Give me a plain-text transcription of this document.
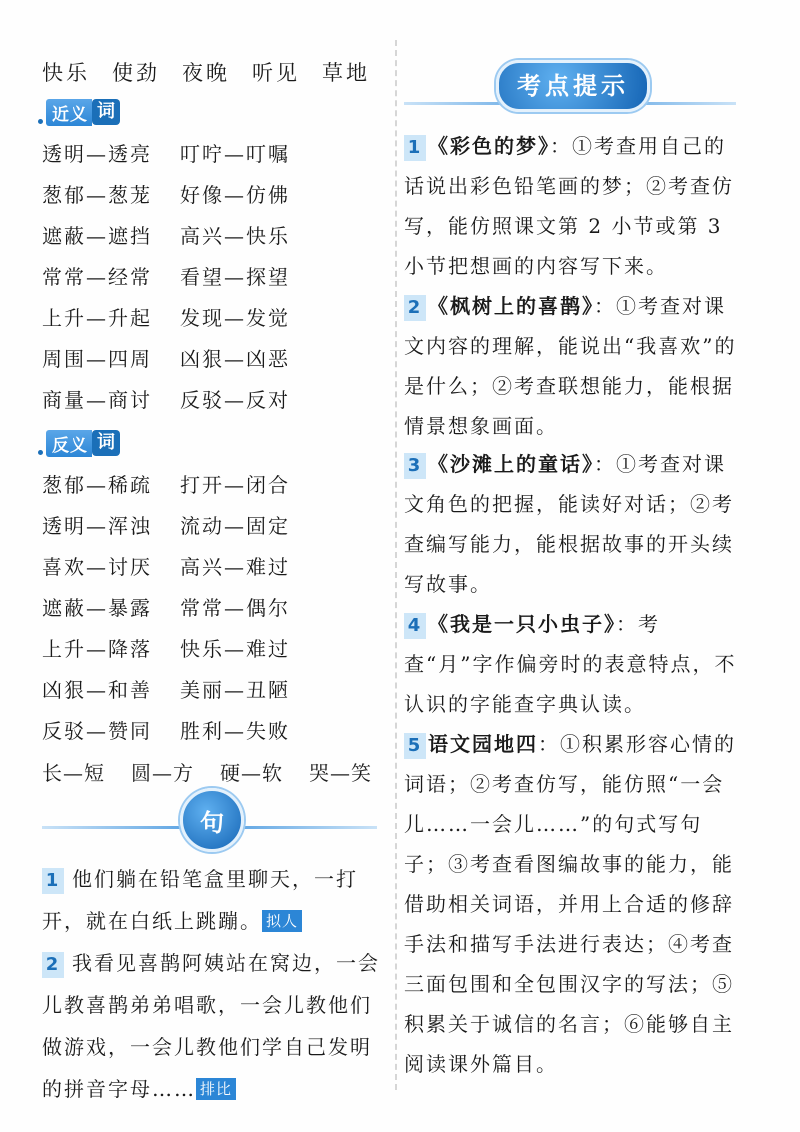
快乐 使劲 夜晚 听见 草地
近义 词
透明—透亮	叮咛—叮嘱
葱郁—葱茏	好像—仿佛
遮蔽—遮挡	高兴—快乐
常常—经常	看望—探望
上升—升起	发现—发觉
周围—四周	凶狠—凶恶
商量—商讨	反驳—反对
反义 词
葱郁—稀疏	打开—闭合
透明—浑浊	流动—固定
喜欢—讨厌	高兴—难过
遮蔽—暴露	常常—偶尔
上升—降落	快乐—难过
凶狠—和善	美丽—丑陋
反驳—赞同	胜利—失败
长—短 圆—方 硬—软 哭—笑
句
1 他们躺在铅笔盒里聊天，一打开，就在白纸上跳蹦。 拟人
2 我看见喜鹊阿姨站在窝边，一会儿教喜鹊弟弟唱歌，一会儿教他们做游戏，一会儿教他们学自己发明的拼音字母…… 排比
考点提示
1 《彩色的梦》：①考查用自己的话说出彩色铅笔画的梦；②考查仿写，能仿照课文第 2 小节或第 3 小节把想画的内容写下来。
2 《枫树上的喜鹊》：①考查对课文内容的理解，能说出“我喜欢”的是什么；②考查联想能力，能根据情景想象画面。
3 《沙滩上的童话》：①考查对课文角色的把握，能读好对话；②考查编写能力，能根据故事的开头续写故事。
4 《我是一只小虫子》：考查“月”字作偏旁时的表意特点，不认识的字能查字典认读。
5 语文园地四：①积累形容心情的词语；②考查仿写，能仿照“一会儿……一会儿……”的句式写句子；③考查看图编故事的能力，能借助相关词语，并用上合适的修辞手法和描写手法进行表达；④考查三面包围和全包围汉字的写法；⑤积累关于诚信的名言；⑥能够自主阅读课外篇目。
